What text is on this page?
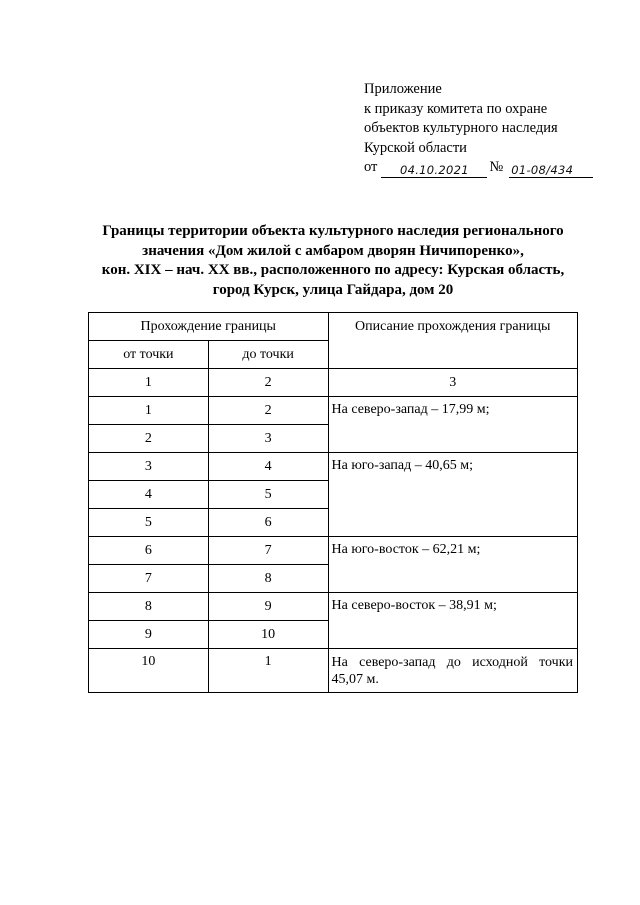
Приложение
к приказу комитета по охране
объектов культурного наследия
Курской области
от	04.10.2021	№ 01-08/434
Границы территории объекта культурного наследия регионального
значения «Дом жилой с амбаром дворян Ничипоренко»,
кон. XIX – нач. XX вв., расположенного по адресу: Курская область,
город Курск, улица Гайдара, дом 20
Прохождение границы		Описание прохождения границы
от точки	до точки	
1	2	3
1	2	На северо-запад – 17,99 м;
2	3	
3	4	На юго-запад – 40,65 м;
4	5	
5	6	
6	7	На юго-восток – 62,21 м;
7	8	
8	9	На северо-восток – 38,91 м;
9	10	
10	1	На северо-запад до исходной точки 45,07 м.
